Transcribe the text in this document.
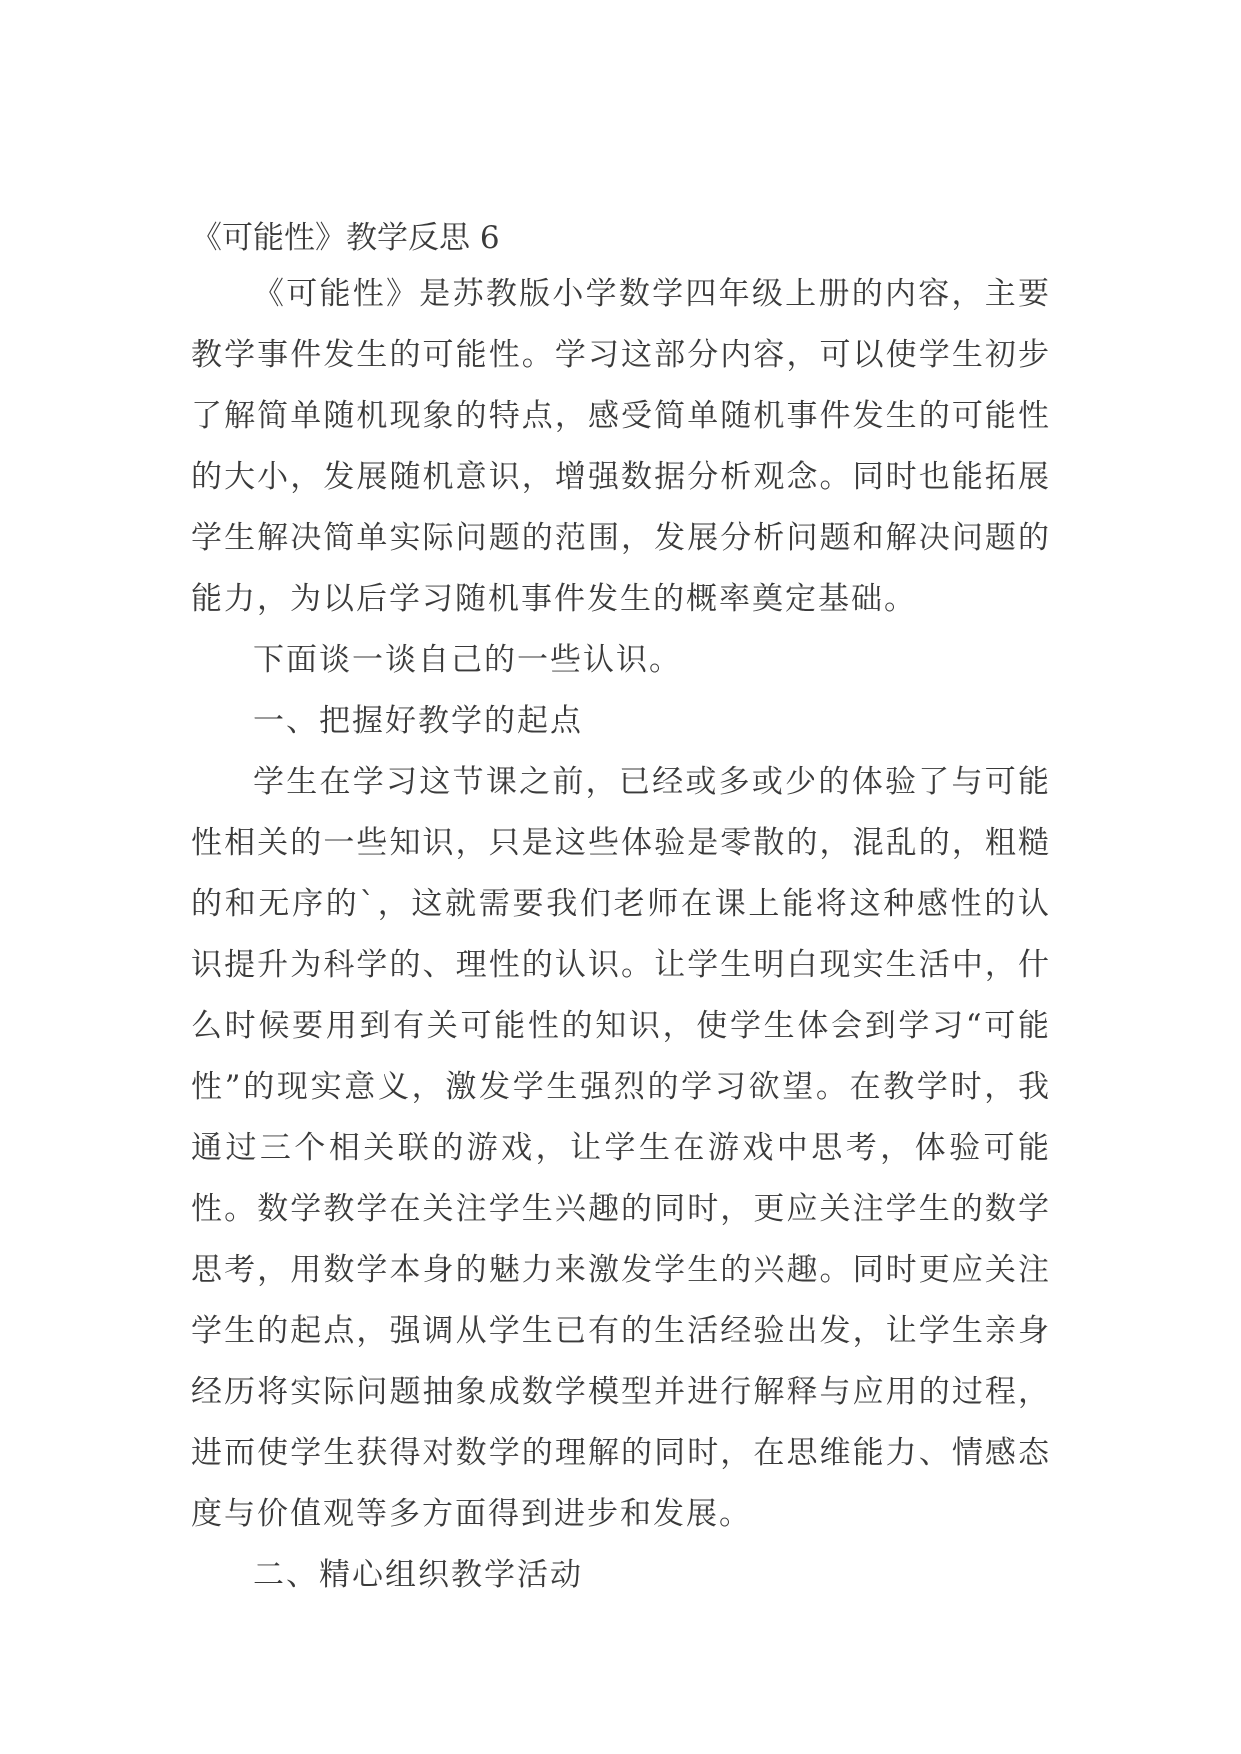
《可能性》教学反思 6

《可能性》是苏教版小学数学四年级上册的内容，主要教学事件发生的可能性。学习这部分内容，可以使学生初步了解简单随机现象的特点，感受简单随机事件发生的可能性的大小，发展随机意识，增强数据分析观念。同时也能拓展学生解决简单实际问题的范围，发展分析问题和解决问题的能力，为以后学习随机事件发生的概率奠定基础。

下面谈一谈自己的一些认识。

一、把握好教学的起点

学生在学习这节课之前，已经或多或少的体验了与可能性相关的一些知识，只是这些体验是零散的，混乱的，粗糙的和无序的`，这就需要我们老师在课上能将这种感性的认识提升为科学的、理性的认识。让学生明白现实生活中，什么时候要用到有关可能性的知识，使学生体会到学习“可能性”的现实意义，激发学生强烈的学习欲望。在教学时，我通过三个相关联的游戏，让学生在游戏中思考，体验可能性。数学教学在关注学生兴趣的同时，更应关注学生的数学思考，用数学本身的魅力来激发学生的兴趣。同时更应关注学生的起点，强调从学生已有的生活经验出发，让学生亲身经历将实际问题抽象成数学模型并进行解释与应用的过程，进而使学生获得对数学的理解的同时，在思维能力、情感态度与价值观等多方面得到进步和发展。

二、精心组织教学活动
